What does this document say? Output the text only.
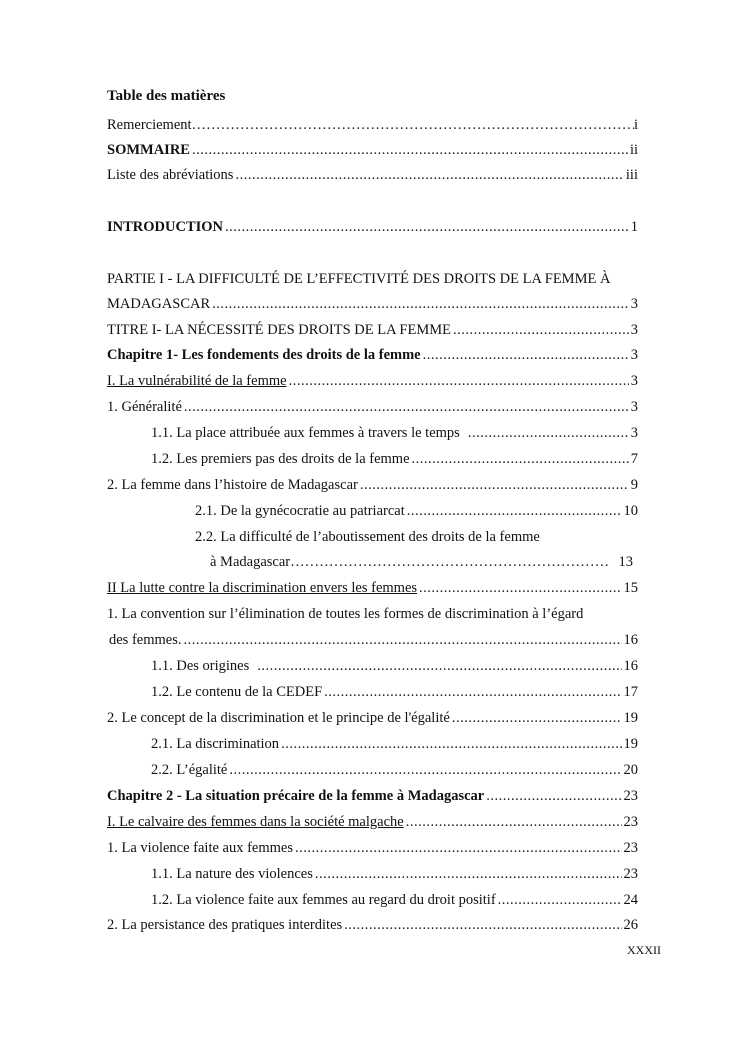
Table des matières
Remerciement …………………………………………………………………………………………………………	i
SOMMAIRE .....	ii
Liste des abréviations .....	iii
INTRODUCTION .....	1
PARTIE I - LA DIFFICULTÉ DE L’EFFECTIVITÉ DES DROITS DE LA FEMME À
MADAGASCAR .....	3
TITRE I- LA NÉCESSITÉ DES DROITS DE LA FEMME .....	3
Chapitre 1- Les fondements des droits de la femme .....	3
I. La vulnérabilité de la femme .....	3
1. Généralité .....	3
1.1. La place attribuée aux femmes à travers le temps .....	3
1.2. Les premiers pas des droits de la femme .....	7
2. La femme dans l’histoire de Madagascar .....	9
2.1. De la gynécocratie au patriarcat .....	10
2.2. La difficulté de l’aboutissement des droits de la femme
à Madagascar …………………………………………………………………………………………………………	13
II La lutte contre la discrimination envers les femmes .....	15
1. La convention sur l’élimination de toutes les formes de discrimination à l’égard
des femmes. .....	16
1.1. Des origines .....	16
1.2. Le contenu de la CEDEF .....	17
2. Le concept de la discrimination et le principe de l'égalité .....	19
2.1. La discrimination .....	19
2.2. L’égalité .....	20
Chapitre 2 - La situation précaire de la femme à Madagascar .....	23
I. Le calvaire des femmes dans la société malgache .....	23
1. La violence faite aux femmes .....	23
1.1. La nature des violences .....	23
1.2. La violence faite aux femmes au regard du droit positif .....	24
2. La persistance des pratiques interdites .....	26
XXXII
